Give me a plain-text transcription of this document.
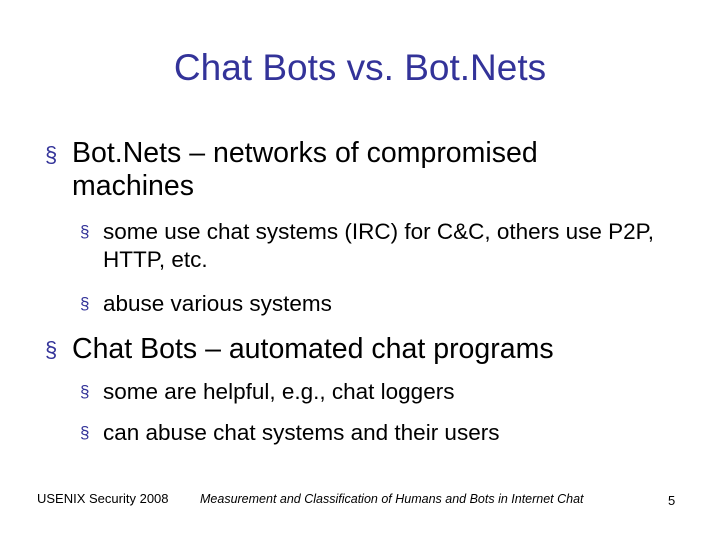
Chat Bots vs. Bot.Nets
§ Bot.Nets – networks of compromised machines
§ some use chat systems (IRC) for C&C, others use P2P, HTTP, etc.
§ abuse various systems
§ Chat Bots – automated chat programs
§ some are helpful, e.g., chat loggers
§ can abuse chat systems and their users
USENIX Security 2008	Measurement and Classification of Humans and Bots in Internet Chat	5
